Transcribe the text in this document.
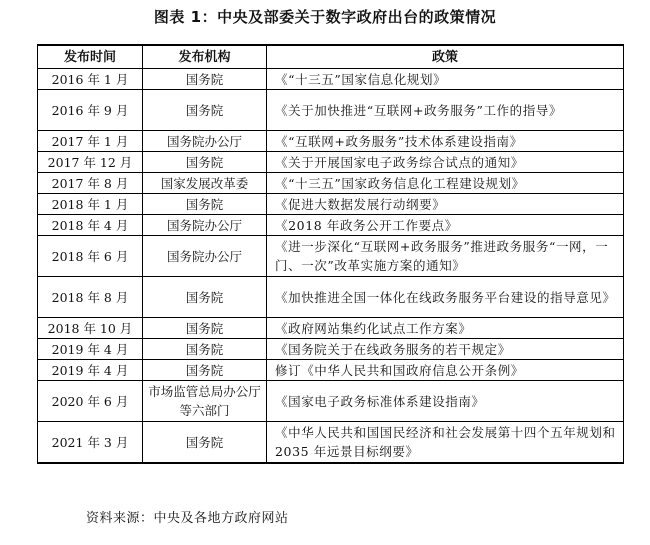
图表 1：中央及部委关于数字政府出台的政策情况
发布时间	发布机构	政策
2016 年 1 月	国务院	《“十三五”国家信息化规划》
2016 年 9 月	国务院	《关于加快推进“互联网+政务服务”工作的指导》
2017 年 1 月	国务院办公厅	《“互联网+政务服务”技术体系建设指南》
2017 年 12 月	国务院	《关于开展国家电子政务综合试点的通知》
2017 年 8 月	国家发展改革委	《“十三五”国家政务信息化工程建设规划》
2018 年 1 月	国务院	《促进大数据发展行动纲要》
2018 年 4 月	国务院办公厅	《2018 年政务公开工作要点》
2018 年 6 月	国务院办公厅	《进一步深化“互联网+政务服务”推进政务服务“一网，一门、一次”改革实施方案的通知》
2018 年 8 月	国务院	《加快推进全国一体化在线政务服务平台建设的指导意见》
2018 年 10 月	国务院	《政府网站集约化试点工作方案》
2019 年 4 月	国务院	《国务院关于在线政务服务的若干规定》
2019 年 4 月	国务院	修订《中华人民共和国政府信息公开条例》
2020 年 6 月	市场监管总局办公厅等六部门	《国家电子政务标准体系建设指南》
2021 年 3 月	国务院	《中华人民共和国国民经济和社会发展第十四个五年规划和 2035 年远景目标纲要》
资料来源：中央及各地方政府网站
